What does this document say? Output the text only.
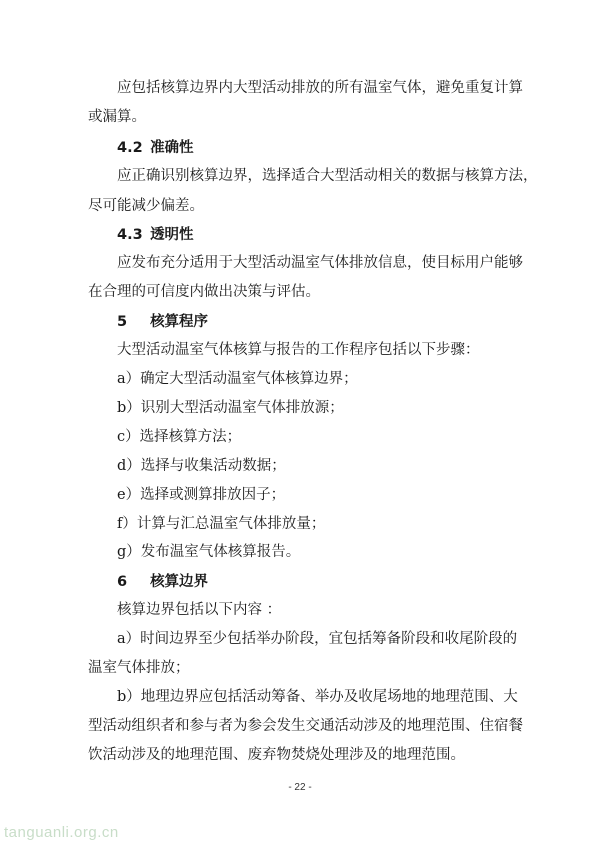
应包括核算边界内大型活动排放的所有温室气体，避免重复计算
或漏算。
4.2 准确性
应正确识别核算边界，选择适合大型活动相关的数据与核算方法，
尽可能减少偏差。
4.3 透明性
应发布充分适用于大型活动温室气体排放信息，使目标用户能够
在合理的可信度内做出决策与评估。
5 核算程序
大型活动温室气体核算与报告的工作程序包括以下步骤：
a）确定大型活动温室气体核算边界；
b）识别大型活动温室气体排放源；
c）选择核算方法；
d）选择与收集活动数据；
e）选择或测算排放因子；
f）计算与汇总温室气体排放量；
g）发布温室气体核算报告。
6 核算边界
核算边界包括以下内容 ：
a）时间边界至少包括举办阶段，宜包括筹备阶段和收尾阶段的
温室气体排放；
b）地理边界应包括活动筹备、举办及收尾场地的地理范围、大
型活动组织者和参与者为参会发生交通活动涉及的地理范围、住宿餐
饮活动涉及的地理范围、废弃物焚烧处理涉及的地理范围。
- 22 -
tanguanli.org.cn
